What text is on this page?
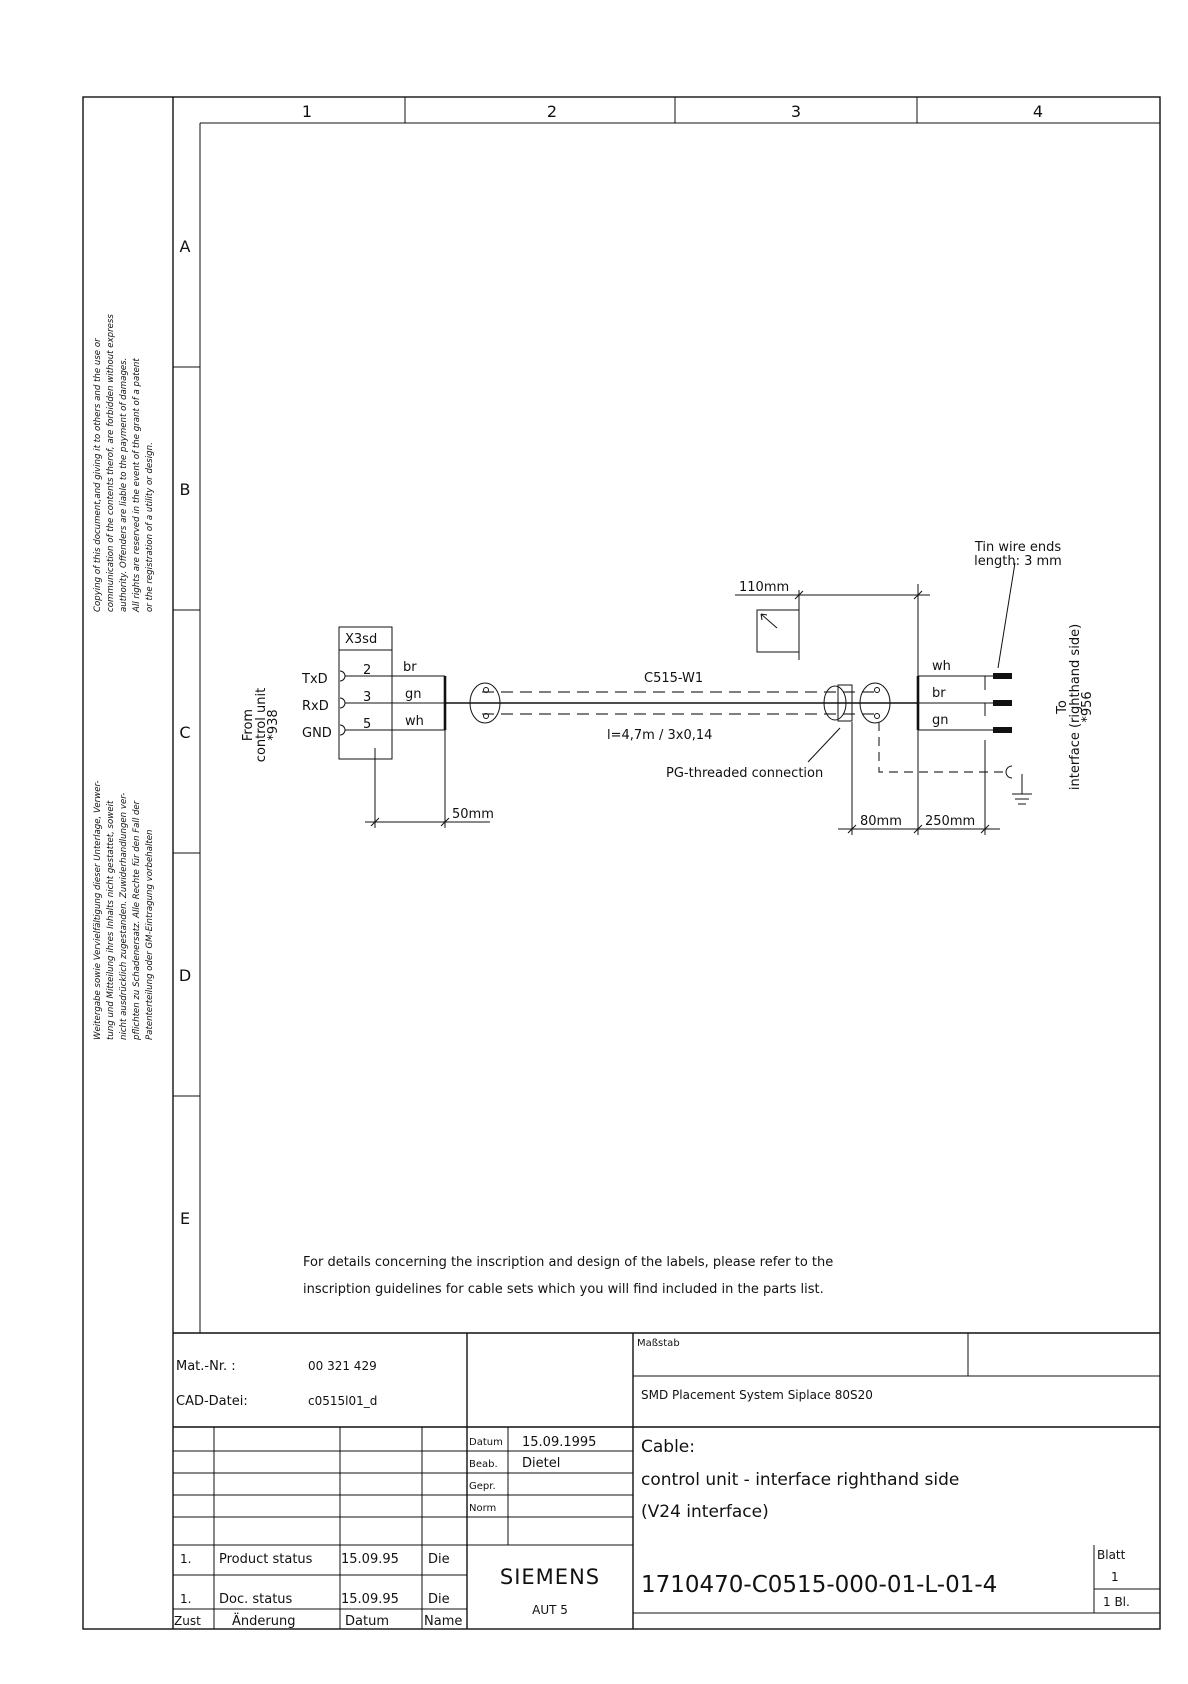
1	2	3	4
A
B
C
D
E
Copying of this document,and giving it to others and the use or communication of the contents therof, are forbidden without express authority. Offenders are liable to the payment of damages. All rights are reserved in the event of the grant of a patent or the registration of a utility or design.
Weitergabe sowie Vervielfältigung dieser Unterlage, Verwer- tung und Mitteilung ihres Inhalts nicht gestattet, soweit nicht ausdrücklich zugestanden. Zuwiderhandlungen ver- pflichten zu Schadenersatz. Alle Rechte für den Fall der Patenterteilung oder GM-Eintragung vorbehalten
From
control unit
*938
X3sd
TxD
RxD
GND
2
3
5
br
gn
wh
C515-W1
l=4,7m / 3x0,14
PG-threaded connection
wh
br
gn
Tin wire ends
length: 3 mm
To
interface (righthand side)
*956
50mm
110mm
80mm 250mm
For details concerning the inscription and design of the labels, please refer to the
inscription guidelines for cable sets which you will find included in the parts list.
Mat.-Nr. :	00 321 429
CAD-Datei:	c0515l01_d
Maßstab
SMD Placement System Siplace 80S20
Datum 15.09.1995
Beab. Dietel
Gepr.
Norm
Cable:
control unit - interface righthand side
(V24 interface)
1. Product status 15.09.95 Die
1. Doc. status	15.09.95 Die
Zust Änderung	Datum	Name
SIEMENS
AUT 5
1710470-C0515-000-01-L-01-4
Blatt
1
1 Bl.
